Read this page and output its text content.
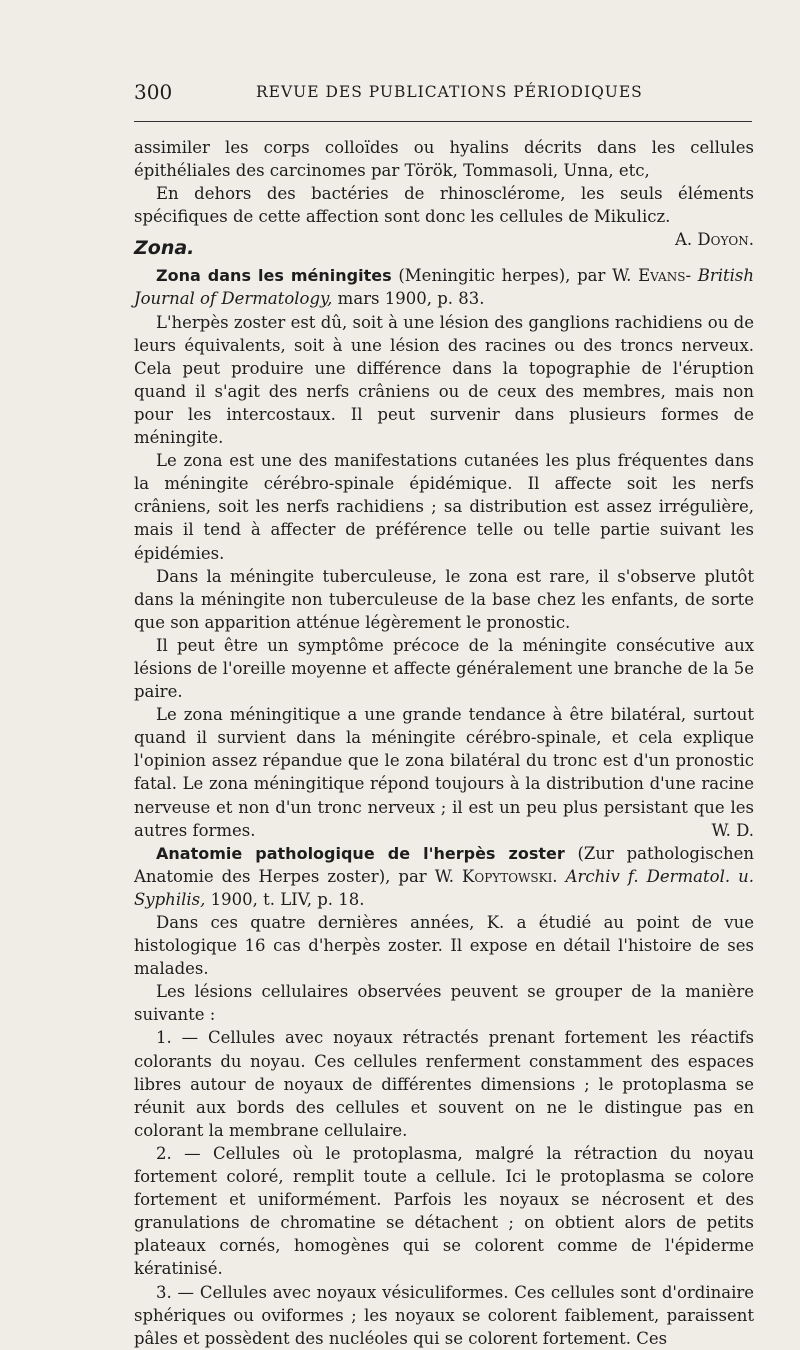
300	REVUE DES PUBLICATIONS PÉRIODIQUES

assimiler les corps colloïdes ou hyalins décrits dans les cellules épithéliales des carcinomes par Török, Tommasoli, Unna, etc,

En dehors des bactéries de rhinosclérome, les seuls éléments spécifiques de cette affection sont donc les cellules de Mikulicz.
A. Doyon.

Zona.

Zona dans les méningites (Meningitic herpes), par W. Evans- British Journal of Dermatology, mars 1900, p. 83.

L'herpès zoster est dû, soit à une lésion des ganglions rachidiens ou de leurs équivalents, soit à une lésion des racines ou des troncs nerveux. Cela peut produire une différence dans la topographie de l'éruption quand il s'agit des nerfs crâniens ou de ceux des membres, mais non pour les intercostaux. Il peut survenir dans plusieurs formes de méningite.

Le zona est une des manifestations cutanées les plus fréquentes dans la méningite cérébro-spinale épidémique. Il affecte soit les nerfs crâniens, soit les nerfs rachidiens ; sa distribution est assez irrégulière, mais il tend à affecter de préférence telle ou telle partie suivant les épidémies.

Dans la méningite tuberculeuse, le zona est rare, il s'observe plutôt dans la méningite non tuberculeuse de la base chez les enfants, de sorte que son apparition atténue légèrement le pronostic.

Il peut être un symptôme précoce de la méningite consécutive aux lésions de l'oreille moyenne et affecte généralement une branche de la 5e paire.

Le zona méningitique a une grande tendance à être bilatéral, surtout quand il survient dans la méningite cérébro-spinale, et cela explique l'opinion assez répandue que le zona bilatéral du tronc est d'un pronostic fatal. Le zona méningitique répond toujours à la distribution d'une racine nerveuse et non d'un tronc nerveux ; il est un peu plus persistant que les autres formes.	W. D.

Anatomie pathologique de l'herpès zoster (Zur pathologischen Anatomie des Herpes zoster), par W. Kopytowski. Archiv f. Dermatol. u. Syphilis, 1900, t. LIV, p. 18.

Dans ces quatre dernières années, K. a étudié au point de vue histologique 16 cas d'herpès zoster. Il expose en détail l'histoire de ses malades.

Les lésions cellulaires observées peuvent se grouper de la manière suivante :

1. — Cellules avec noyaux rétractés prenant fortement les réactifs colorants du noyau. Ces cellules renferment constamment des espaces libres autour de noyaux de différentes dimensions ; le protoplasma se réunit aux bords des cellules et souvent on ne le distingue pas en colorant la membrane cellulaire.

2. — Cellules où le protoplasma, malgré la rétraction du noyau fortement coloré, remplit toute a cellule. Ici le protoplasma se colore fortement et uniformément. Parfois les noyaux se nécrosent et des granulations de chromatine se détachent ; on obtient alors de petits plateaux cornés, homogènes qui se colorent comme de l'épiderme kératinisé.

3. — Cellules avec noyaux vésiculiformes. Ces cellules sont d'ordinaire sphériques ou oviformes ; les noyaux se colorent faiblement, paraissent pâles et possèdent des nucléoles qui se colorent fortement. Ces
